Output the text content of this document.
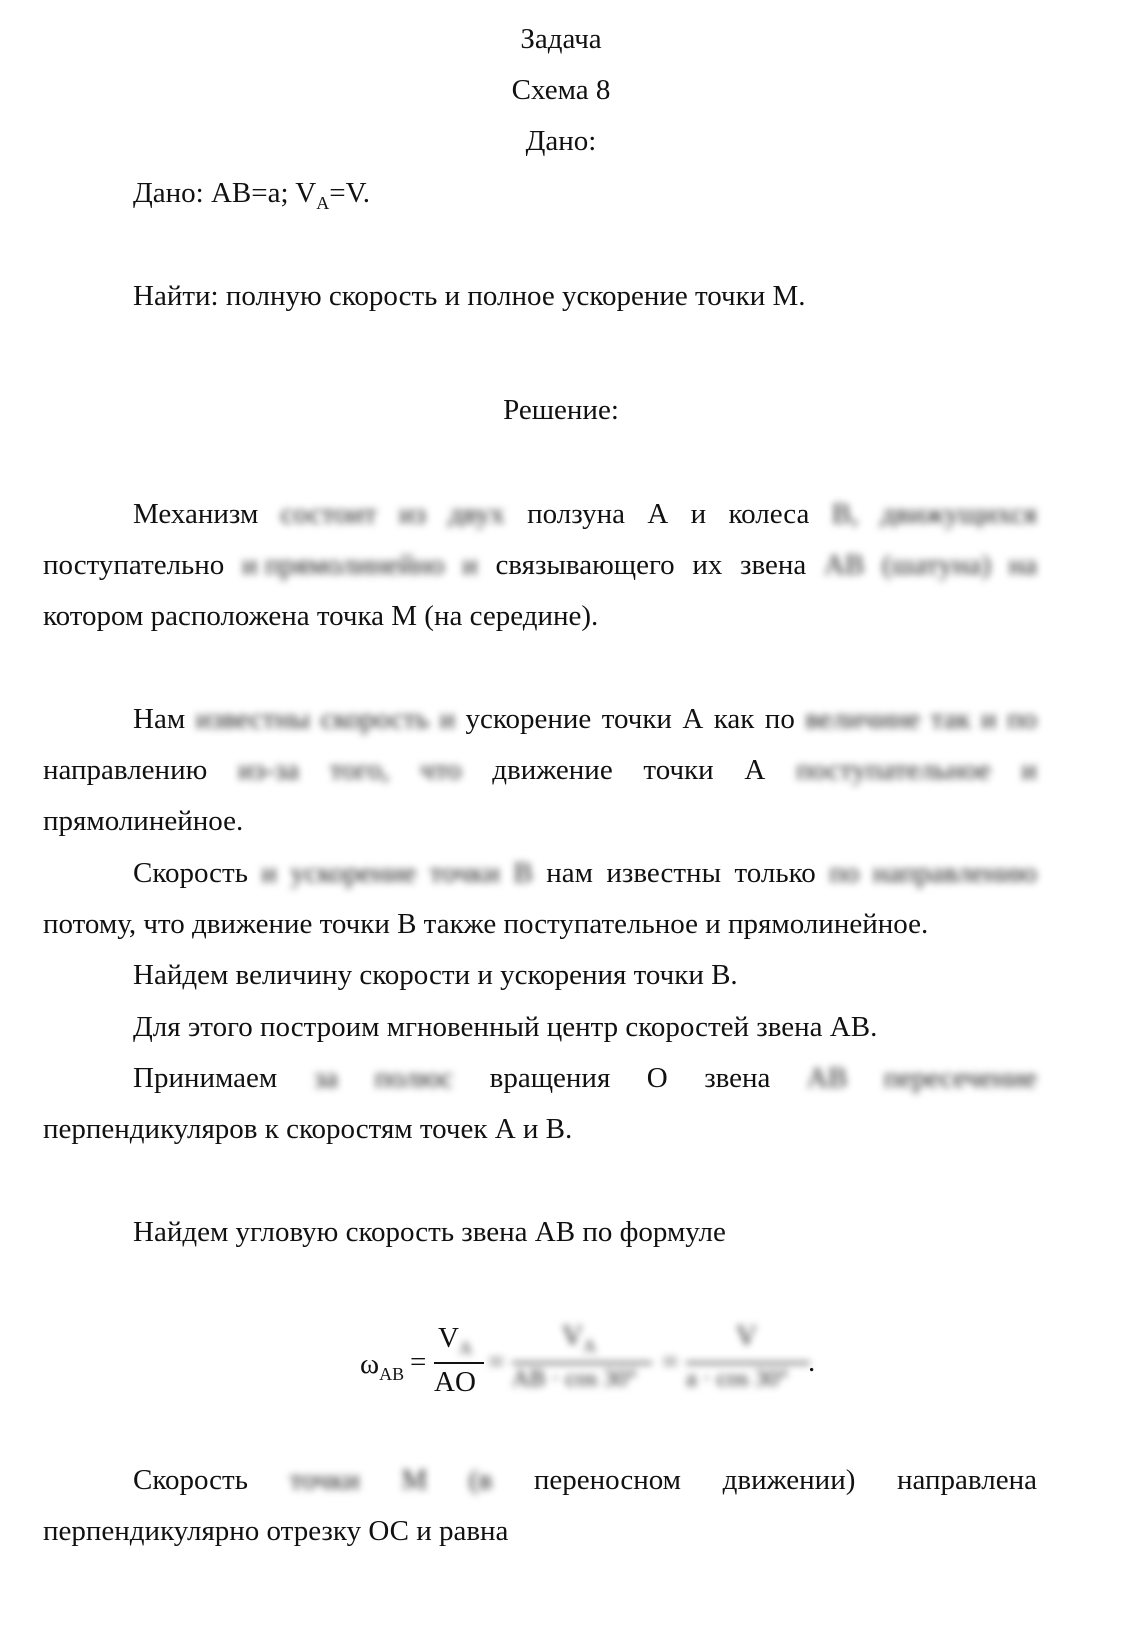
Задача
Схема 8
Дано:
Дано: AB=a; $V_A=V$.
Найти: полную скорость и полное ускорение точки М.
Решение:
Механизм состоит из двух ползуна А и колеса В, движущихся
поступательно и прямолинейно и связывающего их звена АВ (шатуна) на
котором расположена точка М (на середине).
Нам известны скорость и ускорение точки А как по величине так и по
направлению из-за того, что движение точки А поступательное и
прямолинейное.
Скорость и ускорение точки В нам известны только по направлению
потому, что движение точки В также поступательное и прямолинейное.
Найдем величину скорости и ускорения точки В.
Для этого построим мгновенный центр скоростей звена АВ.
Принимаем за полюс вращения О звена АВ пересечение
перпендикуляров к скоростям точек А и В.
Найдем угловую скорость звена АВ по формуле
$\omega_{AB}$ =
$V_A$
AO
=
$V_A$
AB · cos 30°
=
V
a · cos 30°
.
Скорость точки М (в переносном движении) направлена
перпендикулярно отрезку ОС и равна
